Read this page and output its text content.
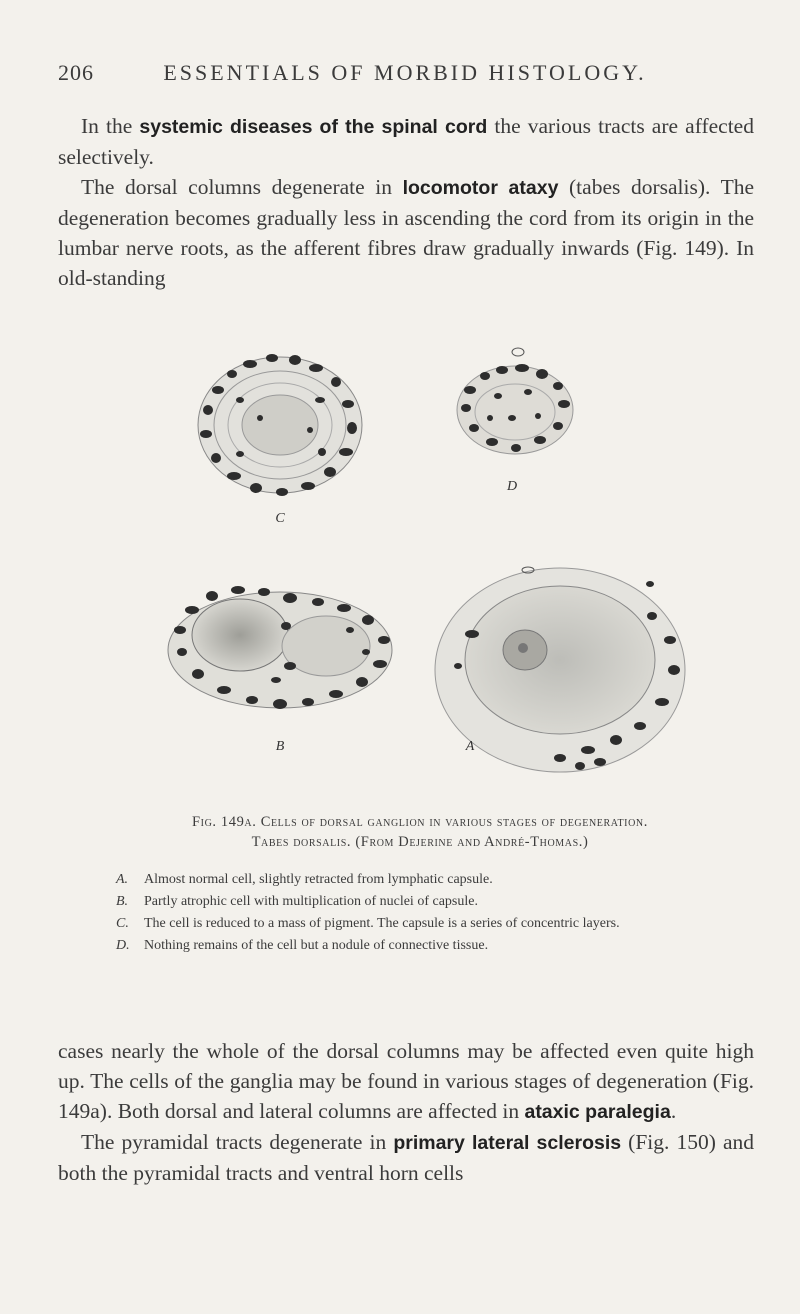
206	ESSENTIALS OF MORBID HISTOLOGY.

In the systemic diseases of the spinal cord the various tracts are affected selectively.

The dorsal columns degenerate in locomotor ataxy (tabes dorsalis). The degeneration becomes gradually less in ascending the cord from its origin in the lumbar nerve roots, as the afferent fibres draw gradually inwards (Fig. 149). In old-standing

C
D
B	A
Fig. 149a. Cells of dorsal ganglion in various stages of degeneration.
Tabes dorsalis. (From Dejerine and André-Thomas.)
A.	Almost normal cell, slightly retracted from lymphatic capsule.
B.	Partly atrophic cell with multiplication of nuclei of capsule.
C.	The cell is reduced to a mass of pigment. The capsule is a series of concentric layers.
D.	Nothing remains of the cell but a nodule of connective tissue.

cases nearly the whole of the dorsal columns may be affected even quite high up. The cells of the ganglia may be found in various stages of degeneration (Fig. 149a). Both dorsal and lateral columns are affected in ataxic paralegia.

The pyramidal tracts degenerate in primary lateral sclerosis (Fig. 150) and both the pyramidal tracts and ventral horn cells
